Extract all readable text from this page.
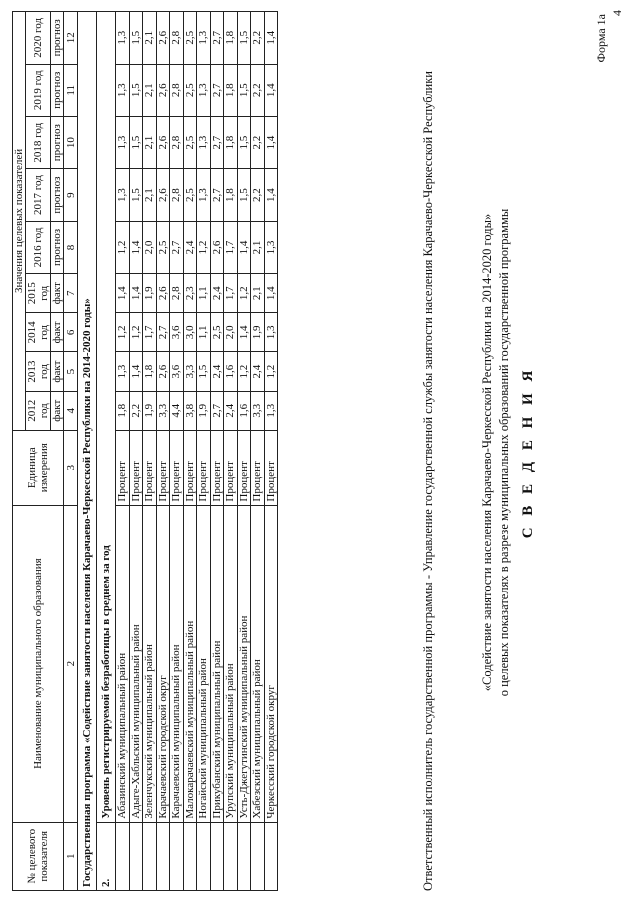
4
Форма 1а
С В Е Д Е Н И Я
о целевых показателях в разрезе муниципальных образований государственной программы
«Содействие занятости населения Карачаево-Черкесской Республики на 2014-2020 годы»
Ответственный исполнитель государственной программы - Управление государственной службы занятости населения Карачаево-Черкесской Республики
№ целевого показателя	Наименование муниципального образования	Единица измерения	Значения целевых показателей								
			2012 год	2013 год	2014 год	2015 год	2016 год	2017 год	2018 год	2019 год	2020 год
			факт	факт	факт	факт	прогноз	прогноз	прогноз	прогноз	прогноз
1	2	3	4	5	6	7	8	9	10	11	12
Государственная программа «Содействие занятости населения Карачаево-Черкесской Республики на 2014-2020 годы»											
2.	Уровень регистрируемой безработицы в среднем за год										
	Абазинский муниципальный район	Процент	1,8	1,3	1,2	1,4	1,2	1,3	1,3	1,3	1,3
	Адыге-Хабльский муниципальный район	Процент	2,2	1,4	1,2	1,4	1,4	1,5	1,5	1,5	1,5
	Зеленчукский муниципальный район	Процент	1,9	1,8	1,7	1,9	2,0	2,1	2,1	2,1	2,1
	Карачаевский городской округ	Процент	3,3	2,6	2,7	2,6	2,5	2,6	2,6	2,6	2,6
	Карачаевский муниципальный район	Процент	4,4	3,6	3,6	2,8	2,7	2,8	2,8	2,8	2,8
	Малокарачаевский муниципальный район	Процент	3,8	3,3	3,0	2,3	2,4	2,5	2,5	2,5	2,5
	Ногайский муниципальный район	Процент	1,9	1,5	1,1	1,1	1,2	1,3	1,3	1,3	1,3
	Прикубанский муниципальный район	Процент	2,7	2,4	2,5	2,4	2,6	2,7	2,7	2,7	2,7
	Урупский муниципальный район	Процент	2,4	1,6	2,0	1,7	1,7	1,8	1,8	1,8	1,8
	Усть-Джегутинский муниципальный район	Процент	1,6	1,2	1,4	1,2	1,4	1,5	1,5	1,5	1,5
	Хабезский муниципальный район	Процент	3,3	2,4	1,9	2,1	2,1	2,2	2,2	2,2	2,2
	Черкесский городской округ	Процент	1,3	1,2	1,3	1,4	1,3	1,4	1,4	1,4	1,4
